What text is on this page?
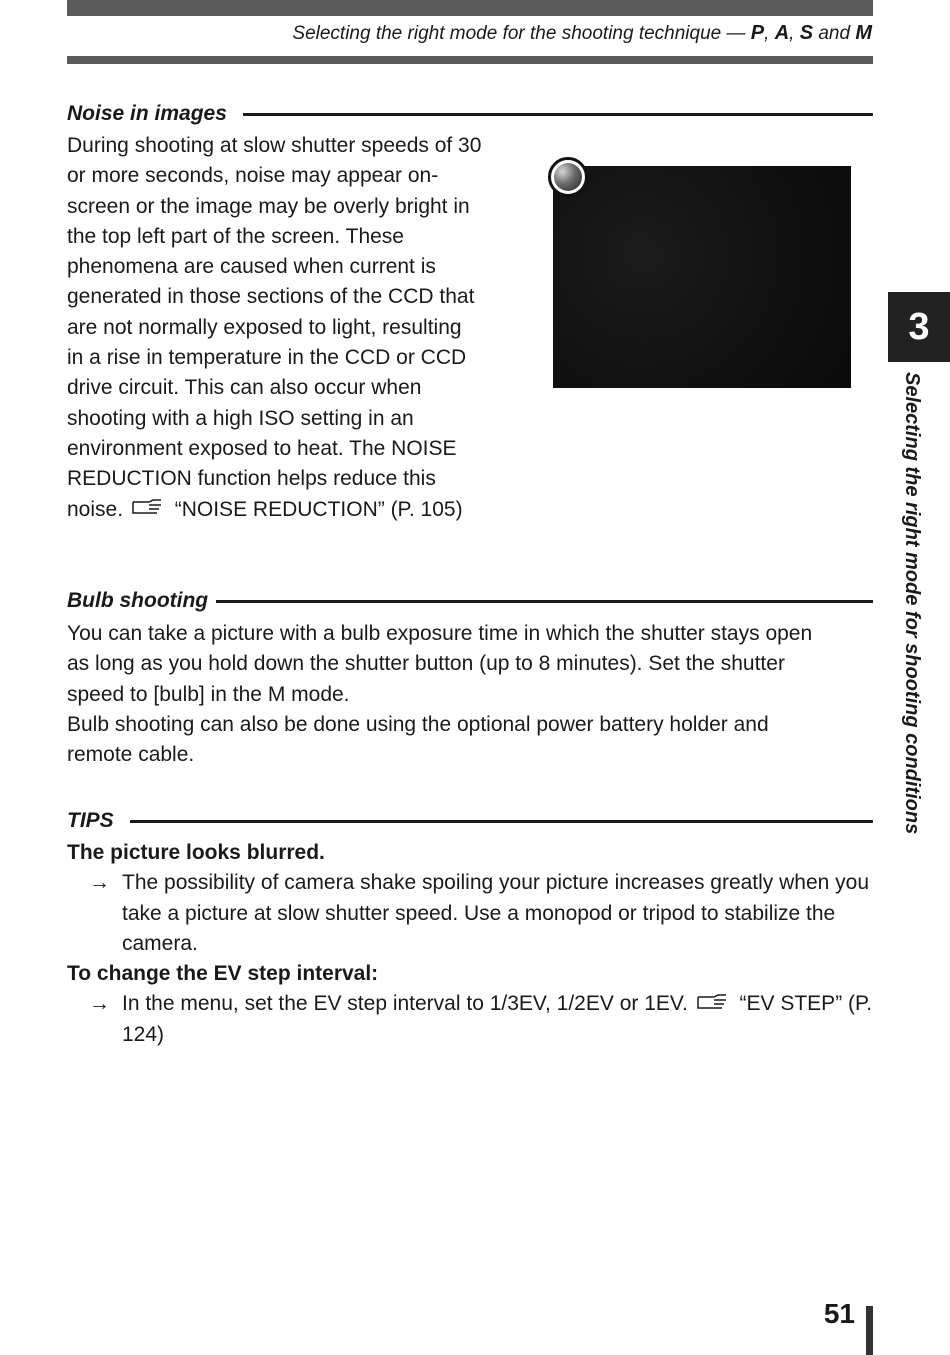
Selecting the right mode for the shooting technique — P, A, S and M
Noise in images
During shooting at slow shutter speeds of 30
or more seconds, noise may appear on-
screen or the image may be overly bright in
the top left part of the screen. These
phenomena are caused when current is
generated in those sections of the CCD that
are not normally exposed to light, resulting
in a rise in temperature in the CCD or CCD
drive circuit. This can also occur when
shooting with a high ISO setting in an
environment exposed to heat. The NOISE
REDUCTION function helps reduce this
noise. “NOISE REDUCTION” (P. 105)
Bulb shooting
You can take a picture with a bulb exposure time in which the shutter stays open
as long as you hold down the shutter button (up to 8 minutes). Set the shutter
speed to [bulb] in the M mode.
Bulb shooting can also be done using the optional power battery holder and
remote cable.
TIPS
The picture looks blurred.
→ The possibility of camera shake spoiling your picture increases greatly when you take a picture at slow shutter speed. Use a monopod or tripod to stabilize the camera.
To change the EV step interval:
→ In the menu, set the EV step interval to 1/3EV, 1/2EV or 1EV. “EV STEP” (P. 124)
3
Selecting the right mode for shooting conditions
51
